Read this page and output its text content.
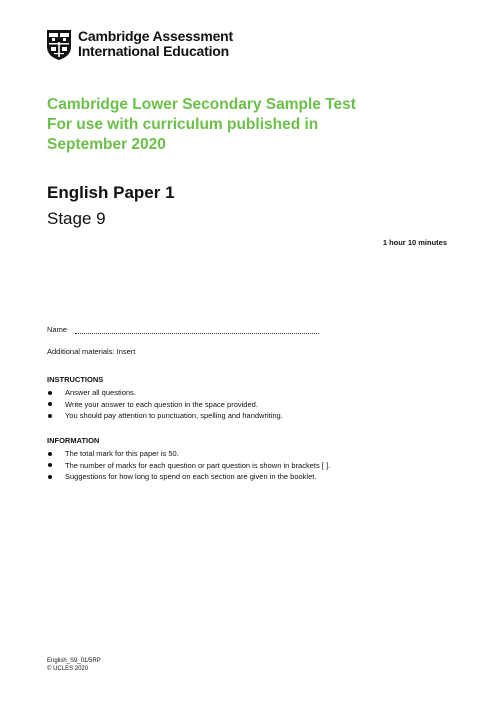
Cambridge Assessment
International Education
Cambridge Lower Secondary Sample Test
For use with curriculum published in
September 2020
English Paper 1
Stage 9
1 hour 10 minutes
Name
Additional materials: Insert
INSTRUCTIONS
Answer all questions.
Write your answer to each question in the space provided.
You should pay attention to punctuation, spelling and handwriting.
INFORMATION
The total mark for this paper is 50.
The number of marks for each question or part question is shown in brackets [ ].
Suggestions for how long to spend on each section are given in the booklet.
English_S9_01/5RP
© UCLES 2020
